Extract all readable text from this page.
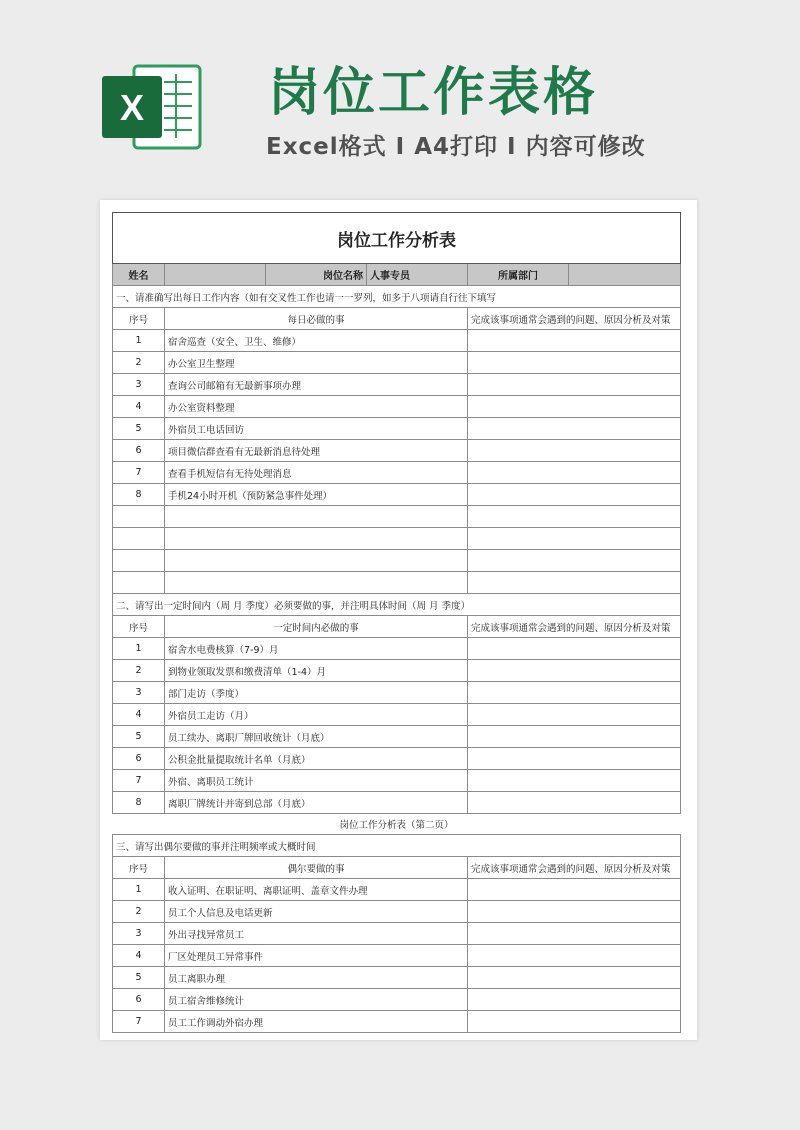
X 岗位工作表格
Excel格式 I A4打印 I 内容可修改
岗位工作分析表				
姓名		岗位名称	人事专员	所属部门

一、请准确写出每日工作内容（如有交叉性工作也请一一罗列，如多于八项请自行往下填写				
序号	每日必做的事			完成该事项通常会遇到的问题、原因分析及对策
1	宿舍巡查（安全、卫生、维修）			
2	办公室卫生整理			
3	查询公司邮箱有无最新事项办理			
4	办公室资料整理			
5	外宿员工电话回访			
6	项目微信群查看有无最新消息待处理			
7	查看手机短信有无待处理消息			
8	手机24小时开机（预防紧急事件处理）			

二、请写出一定时间内（周 月 季度）必须要做的事，并注明具体时间（周 月 季度）				
序号	一定时间内必做的事			完成该事项通常会遇到的问题、原因分析及对策
1	宿舍水电费核算（7-9）月			
2	到物业领取发票和缴费清单（1-4）月			
3	部门走访（季度）			
4	外宿员工走访（月）			
5	员工续办、离职厂牌回收统计（月底）			
6	公积金批量提取统计名单（月底）			
7	外宿、离职员工统计			
8	离职厂牌统计并寄到总部（月底）			
岗位工作分析表（第二页）				
三、请写出偶尔要做的事并注明频率或大概时间				
序号	偶尔要做的事			完成该事项通常会遇到的问题、原因分析及对策
1	收入证明、在职证明、离职证明、盖章文件办理			
2	员工个人信息及电话更新			
3	外出寻找异常员工			
4	厂区处理员工异常事件			
5	员工离职办理			
6	员工宿舍维修统计			
7	员工工作调动外宿办理			
